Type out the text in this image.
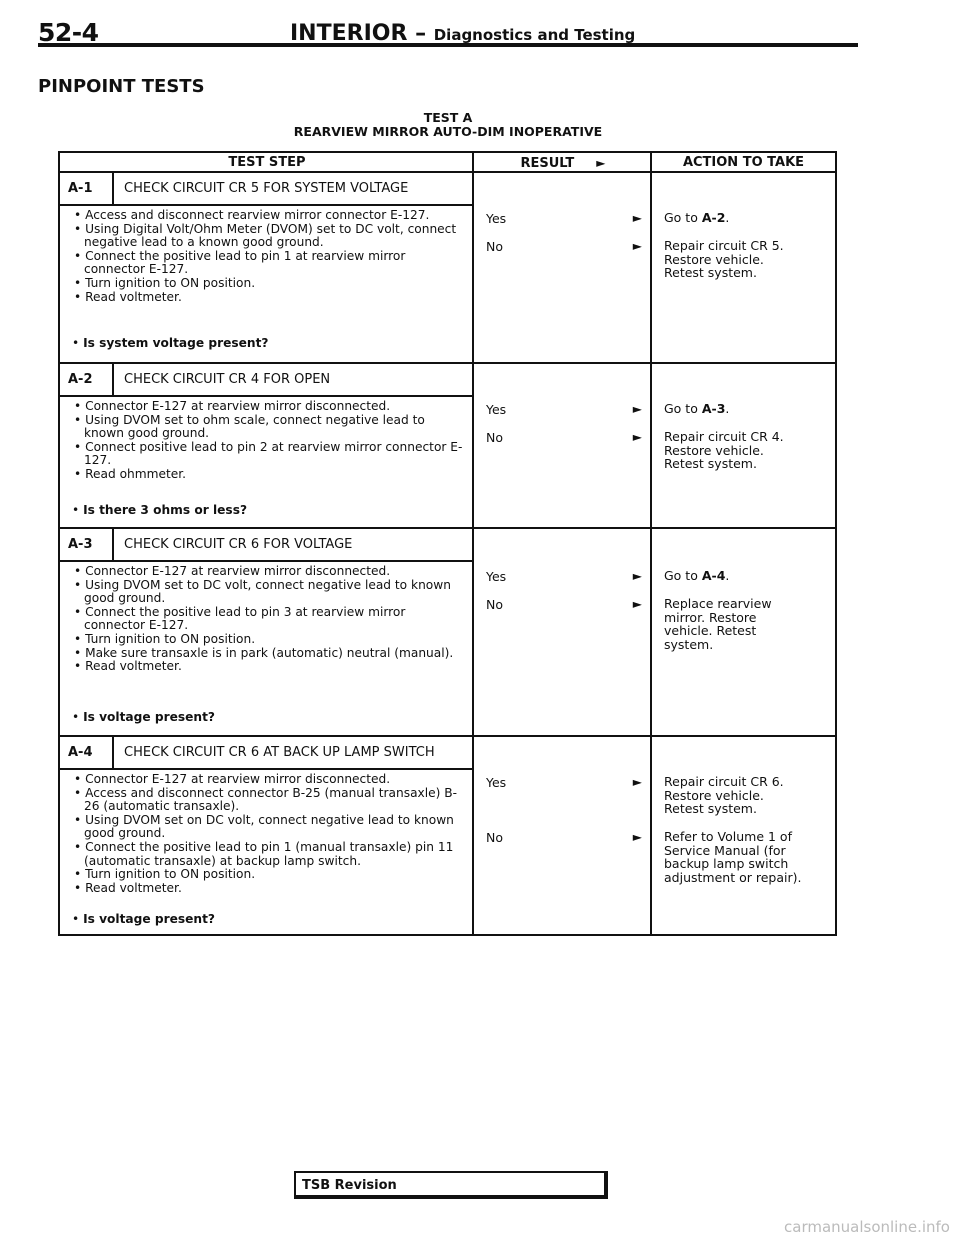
52-4	INTERIOR – Diagnostics and Testing
PINPOINT TESTS
TEST A
REARVIEW MIRROR AUTO-DIM INOPERATIVE
TEST STEP	RESULT ►	ACTION TO TAKE
A-1 CHECK CIRCUIT CR 5 FOR SYSTEM VOLTAGE
• Access and disconnect rearview mirror connector E-127.
• Using Digital Volt/Ohm Meter (DVOM) set to DC volt, connect negative lead to a known good ground.
• Connect the positive lead to pin 1 at rearview mirror connector E-127.
• Turn ignition to ON position.
• Read voltmeter.
• Is system voltage present?
Yes	► Go to A-2.
No	► Repair circuit CR 5. Restore vehicle. Retest system.
A-2 CHECK CIRCUIT CR 4 FOR OPEN
• Connector E-127 at rearview mirror disconnected.
• Using DVOM set to ohm scale, connect negative lead to known good ground.
• Connect positive lead to pin 2 at rearview mirror connector E-127.
• Read ohmmeter.
• Is there 3 ohms or less?
Yes	► Go to A-3.
No	► Repair circuit CR 4. Restore vehicle. Retest system.
A-3 CHECK CIRCUIT CR 6 FOR VOLTAGE
• Connector E-127 at rearview mirror disconnected.
• Using DVOM set to DC volt, connect negative lead to known good ground.
• Connect the positive lead to pin 3 at rearview mirror connector E-127.
• Turn ignition to ON position.
• Make sure transaxle is in park (automatic) neutral (manual).
• Read voltmeter.
• Is voltage present?
Yes	► Go to A-4.
No	► Replace rearview mirror. Restore vehicle. Retest system.
A-4 CHECK CIRCUIT CR 6 AT BACK UP LAMP SWITCH
• Connector E-127 at rearview mirror disconnected.
• Access and disconnect connector B-25 (manual transaxle) B-26 (automatic transaxle).
• Using DVOM set on DC volt, connect negative lead to known good ground.
• Connect the positive lead to pin 1 (manual transaxle) pin 11 (automatic transaxle) at backup lamp switch.
• Turn ignition to ON position.
• Read voltmeter.
• Is voltage present?
Yes	► Repair circuit CR 6. Restore vehicle. Retest system.
No	► Refer to Volume 1 of Service Manual (for backup lamp switch adjustment or repair).
TSB Revision
carmanualsonline.info
